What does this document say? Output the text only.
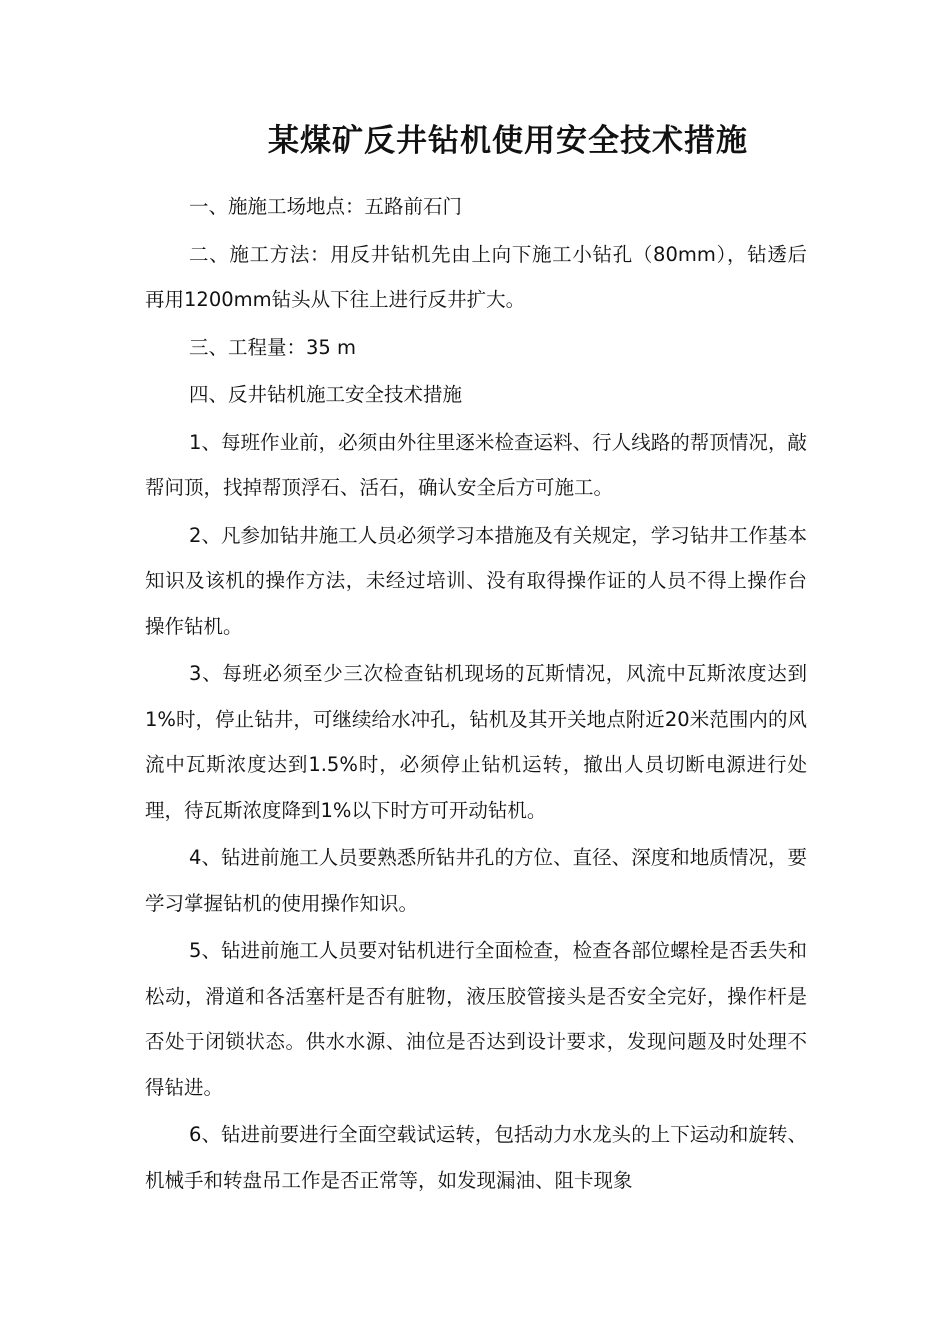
某煤矿反井钻机使用安全技术措施

一、施施工场地点：五路前石门

二、施工方法：用反井钻机先由上向下施工小钻孔（80mm），钻透后再用1200mm钻头从下往上进行反井扩大。

三、工程量：35 m

四、反井钻机施工安全技术措施

1、每班作业前，必须由外往里逐米检查运料、行人线路的帮顶情况，敲帮问顶，找掉帮顶浮石、活石，确认安全后方可施工。

2、凡参加钻井施工人员必须学习本措施及有关规定，学习钻井工作基本知识及该机的操作方法，未经过培训、没有取得操作证的人员不得上操作台操作钻机。

3、每班必须至少三次检查钻机现场的瓦斯情况，风流中瓦斯浓度达到1%时，停止钻井，可继续给水冲孔，钻机及其开关地点附近20米范围内的风流中瓦斯浓度达到1.5%时，必须停止钻机运转，撤出人员切断电源进行处理，待瓦斯浓度降到1%以下时方可开动钻机。

4、钻进前施工人员要熟悉所钻井孔的方位、直径、深度和地质情况，要学习掌握钻机的使用操作知识。

5、钻进前施工人员要对钻机进行全面检查，检查各部位螺栓是否丢失和松动，滑道和各活塞杆是否有脏物，液压胶管接头是否安全完好，操作杆是否处于闭锁状态。供水水源、油位是否达到设计要求，发现问题及时处理不得钻进。

6、钻进前要进行全面空载试运转，包括动力水龙头的上下运动和旋转、机械手和转盘吊工作是否正常等，如发现漏油、阻卡现象
